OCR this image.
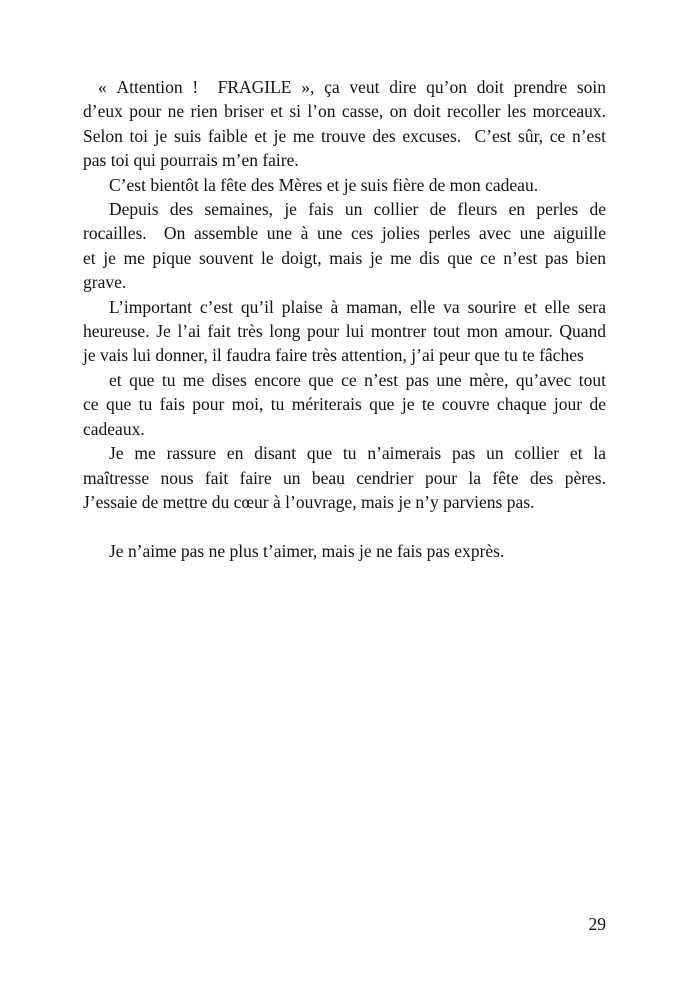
« Attention !  FRAGILE », ça veut dire qu’on doit prendre soin
d’eux pour ne rien briser et si l’on casse, on doit recoller les morceaux.
Selon toi je suis faible et je me trouve des excuses.  C’est sûr, ce n’est
pas toi qui pourrais m’en faire.
C’est bientôt la fête des Mères et je suis fière de mon cadeau.
Depuis des semaines, je fais un collier de fleurs en perles de
rocailles.  On assemble une à une ces jolies perles avec une aiguille
et je me pique souvent le doigt, mais je me dis que ce n’est pas bien
grave.
L’important c’est qu’il plaise à maman, elle va sourire et elle sera
heureuse. Je l’ai fait très long pour lui montrer tout mon amour. Quand
je vais lui donner, il faudra faire très attention, j’ai peur que tu te fâches
et que tu me dises encore que ce n’est pas une mère, qu’avec tout
ce que tu fais pour moi, tu mériterais que je te couvre chaque jour de
cadeaux.
Je me rassure en disant que tu n’aimerais pas un collier et la
maîtresse nous fait faire un beau cendrier pour la fête des pères.
J’essaie de mettre du cœur à l’ouvrage, mais je n’y parviens pas.
Je n’aime pas ne plus t’aimer, mais je ne fais pas exprès.
29
